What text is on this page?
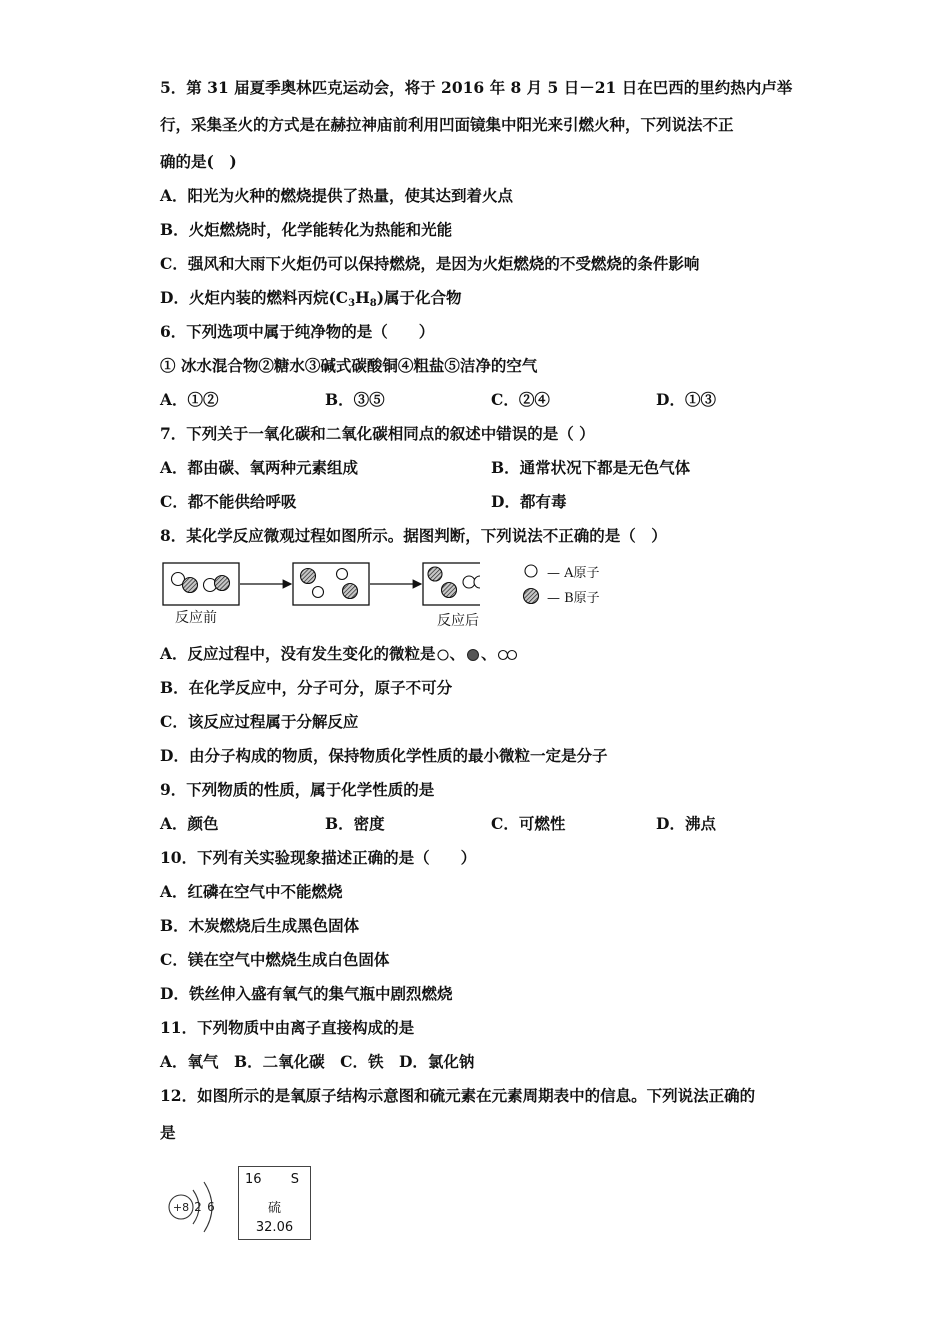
5．第 31 届夏季奥林匹克运动会，将于 2016 年 8 月 5 日－21 日在巴西的里约热内卢举
行，采集圣火的方式是在赫拉神庙前利用凹面镜集中阳光来引燃火种，下列说法不正
确的是(　)
A．阳光为火种的燃烧提供了热量，使其达到着火点
B．火炬燃烧时，化学能转化为热能和光能
C．强风和大雨下火炬仍可以保持燃烧，是因为火炬燃烧的不受燃烧的条件影响
D．火炬内装的燃料丙烷$(C_3H_8)$属于化合物
6．下列选项中属于纯净物的是（　　）
① 冰水混合物②糖水③碱式碳酸铜④粗盐⑤洁净的空气
A．①②	B．③⑤	C．②④	D．①③
7．下列关于一氧化碳和二氧化碳相同点的叙述中错误的是（ ）
A．都由碳、氧两种元素组成	B．通常状况下都是无色气体
C．都不能供给呼吸	D．都有毒
8．某化学反应微观过程如图所示。据图判断，下列说法不正确的是（　）
反应前	反应后
— A原子
— B原子
A．反应过程中，没有发生变化的微粒是 、 、
B．在化学反应中，分子可分，原子不可分
C．该反应过程属于分解反应
D．由分子构成的物质，保持物质化学性质的最小微粒一定是分子
9．下列物质的性质，属于化学性质的是
A．颜色	B．密度	C．可燃性	D．沸点
10．下列有关实验现象描述正确的是（　　）
A．红磷在空气中不能燃烧
B．木炭燃烧后生成黑色固体
C．镁在空气中燃烧生成白色固体
D．铁丝伸入盛有氧气的集气瓶中剧烈燃烧
11．下列物质中由离子直接构成的是
A．氧气　B．二氧化碳　C．铁　D．氯化钠
12．如图所示的是氧原子结构示意图和硫元素在元素周期表中的信息。下列说法正确的
是
+8 2 6
16 S
硫
32.06
